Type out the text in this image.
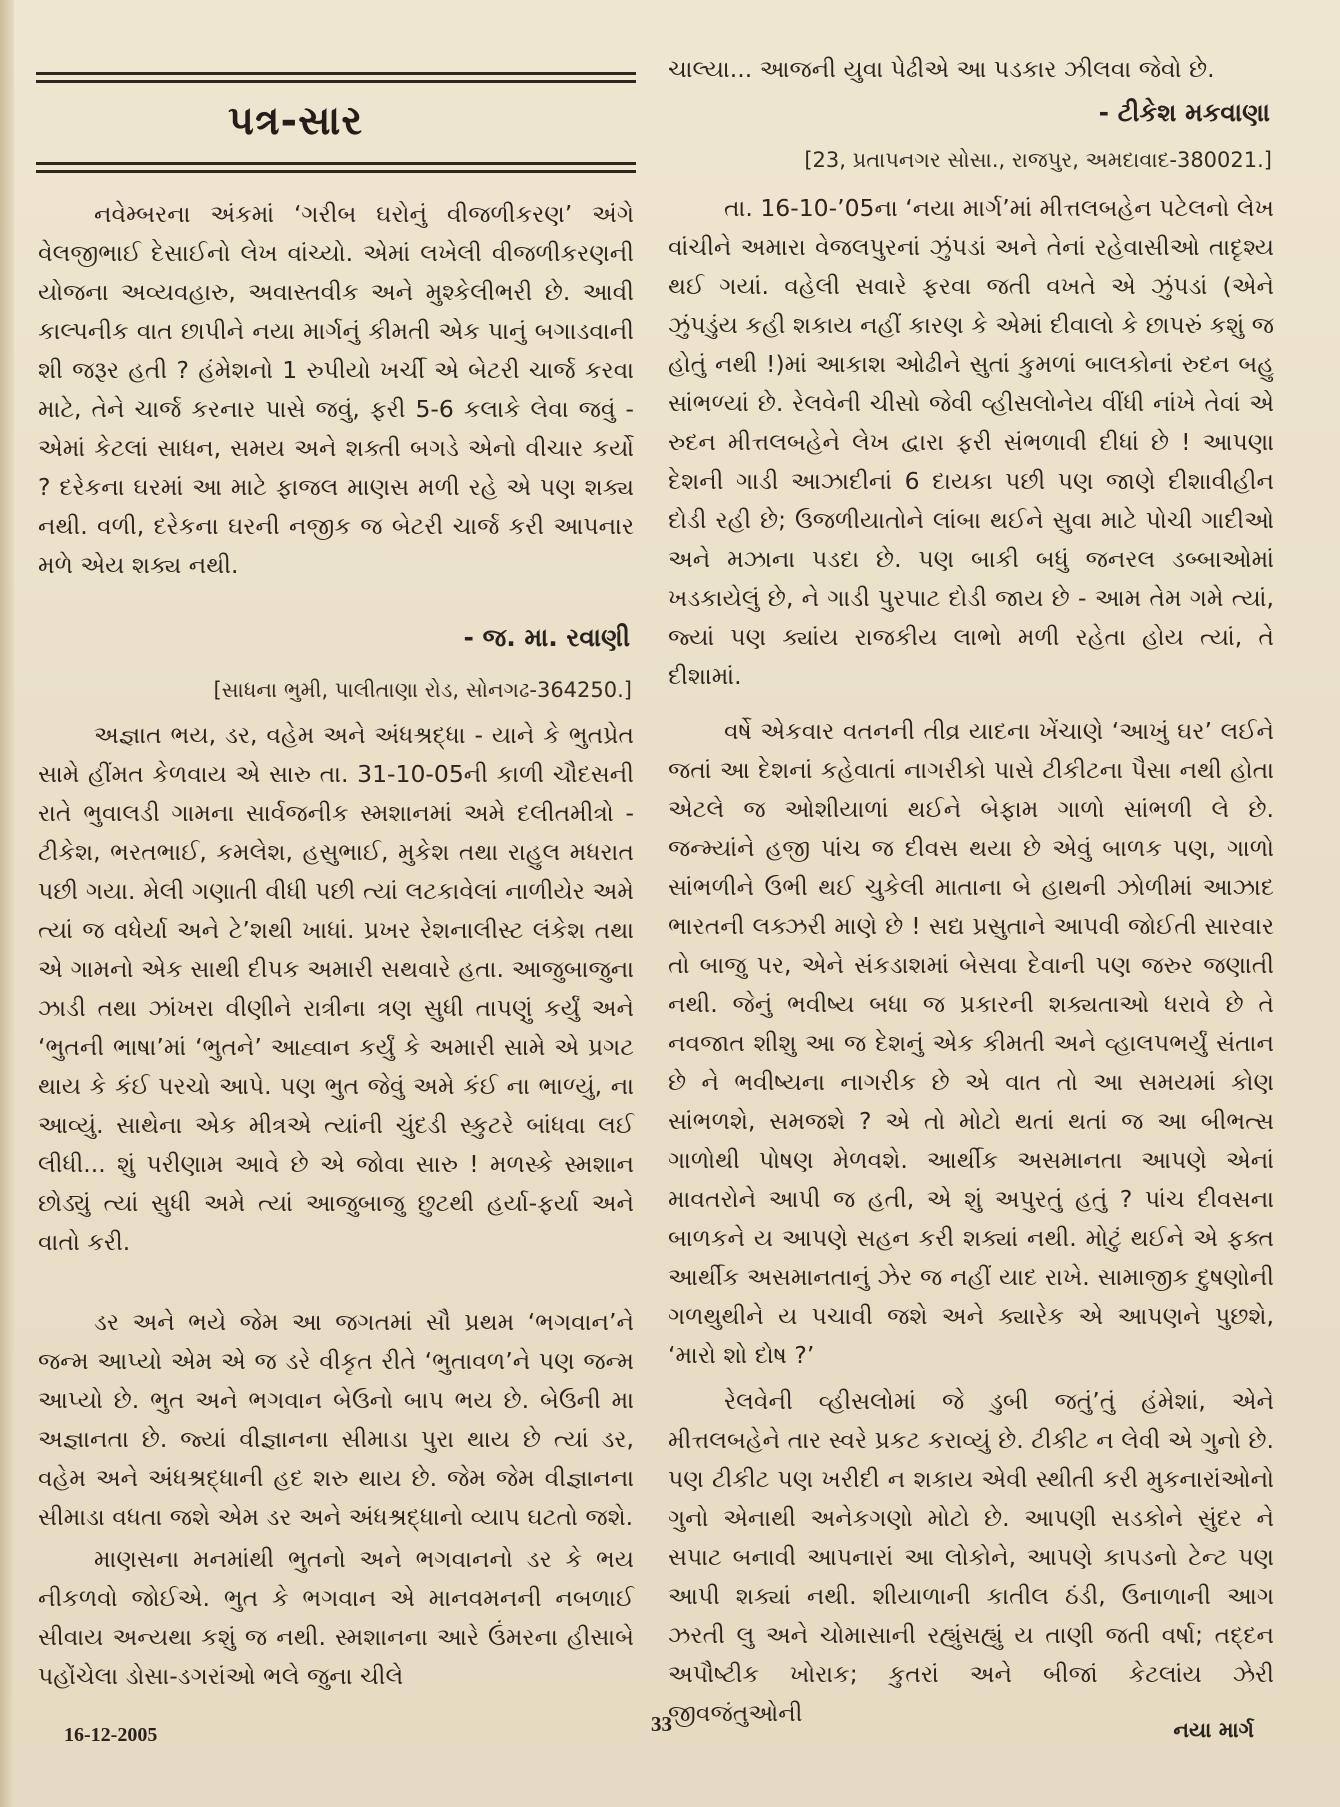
પત્ર-સાર

નવેમ્બરના અંકમાં ‘ગરીબ ઘરોનું વીજળીકરણ’ અંગે વેલજીભાઈ દેસાઈનો લેખ વાંચ્યો. એમાં લખેલી વીજળીકરણની યોજના અવ્યવહારુ, અવાસ્તવીક અને મુશ્કેલીભરી છે. આવી કાલ્પનીક વાત છાપીને નયા માર્ગનું કીમતી એક પાનું બગાડવાની શી જરૂર હતી ? હંમેશનો 1 રુપીયો ખર્ચી એ બેટરી ચાર્જ કરવા માટે, તેને ચાર્જ કરનાર પાસે જવું, ફરી 5-6 કલાકે લેવા જવું - એમાં કેટલાં સાધન, સમય અને શક્તી બગડે એનો વીચાર કર્યો ? દરેકના ઘરમાં આ માટે ફાજલ માણસ મળી રહે એ પણ શક્ય નથી. વળી, દરેકના ઘરની નજીક જ બેટરી ચાર્જ કરી આપનાર મળે એય શક્ય નથી.

- જ. મા. રવાણી
[સાધના ભુમી, પાલીતાણા રોડ, સોનગઢ-364250.]

અજ્ઞાત ભય, ડર, વહેમ અને અંધશ્રદ્ધા - યાને કે ભુતપ્રેત સામે હીંમત કેળવાય એ સારુ તા. 31-10-05ની કાળી ચૌદસની રાતે ભુવાલડી ગામના સાર્વજનીક સ્મશાનમાં અમે દલીતમીત્રો - ટીકેશ, ભરતભાઈ, કમલેશ, હસુભાઈ, મુકેશ તથા રાહુલ મધરાત પછી ગયા. મેલી ગણાતી વીધી પછી ત્યાં લટકાવેલાં નાળીયેર અમે ત્યાં જ વધેર્યા અને ટે’શથી ખાધાં. પ્રખર રેશનાલીસ્ટ લંકેશ તથા એ ગામનો એક સાથી દીપક અમારી સથવારે હતા. આજુબાજુના ઝાડી તથા ઝાંખરા વીણીને રાત્રીના ત્રણ સુધી તાપણું કર્યું અને ‘ભુતની ભાષા’માં ‘ભુતને’ આહ્વાન કર્યું કે અમારી સામે એ પ્રગટ થાય કે કંઈ પરચો આપે. પણ ભુત જેવું અમે કંઈ ના ભાળ્યું, ના આવ્યું. સાથેના એક મીત્રએ ત્યાંની ચુંદડી સ્કુટરે બાંધવા લઈ લીધી... શું પરીણામ આવે છે એ જોવા સારુ ! મળસ્કે સ્મશાન છોડ્યું ત્યાં સુધી અમે ત્યાં આજુબાજુ છુટથી હર્યા-ફર્યા અને વાતો કરી.

ડર અને ભયે જેમ આ જગતમાં સૌ પ્રથમ ‘ભગવાન’ને જન્મ આપ્યો એમ એ જ ડરે વીકૃત રીતે ‘ભુતાવળ’ને પણ જન્મ આપ્યો છે. ભુત અને ભગવાન બેઉનો બાપ ભય છે. બેઉની મા અજ્ઞાનતા છે. જ્યાં વીજ્ઞાનના સીમાડા પુરા થાય છે ત્યાં ડર, વહેમ અને અંધશ્રદ્ધાની હદ શરુ થાય છે. જેમ જેમ વીજ્ઞાનના સીમાડા વધતા જશે એમ ડર અને અંધશ્રદ્ધાનો વ્યાપ ઘટતો જશે.

માણસના મનમાંથી ભુતનો અને ભગવાનનો ડર કે ભય નીકળવો જોઈએ. ભુત કે ભગવાન એ માનવમનની નબળાઈ સીવાય અન્યથા કશું જ નથી. સ્મશાનના આરે ઉંમરના હીસાબે પહોંચેલા ડોસા-ડગરાંઓ ભલે જુના ચીલે

ચાલ્યા... આજની યુવા પેઢીએ આ પડકાર ઝીલવા જેવો છે.

- ટીકેશ મકવાણા
[23, પ્રતાપનગર સોસા., રાજપુર, અમદાવાદ-380021.]

તા. 16-10-’05ના ‘નયા માર્ગ’માં મીત્તલબહેન પટેલનો લેખ વાંચીને અમારા વેજલપુરનાં ઝુંપડાં અને તેનાં રહેવાસીઓ તાદૃશ્ય થઈ ગયાં. વહેલી સવારે ફરવા જતી વખતે એ ઝુંપડાં (એને ઝુંપડુંય કહી શકાય નહીં કારણ કે એમાં દીવાલો કે છાપરું કશું જ હોતું નથી !)માં આકાશ ઓઢીને સુતાં કુમળાં બાલકોનાં રુદન બહુ સાંભળ્યાં છે. રેલવેની ચીસો જેવી વ્હીસલોનેય વીંધી નાંખે તેવાં એ રુદન મીત્તલબહેને લેખ દ્વારા ફરી સંભળાવી દીધાં છે ! આપણા દેશની ગાડી આઝાદીનાં 6 દાયકા પછી પણ જાણે દીશાવીહીન દોડી રહી છે; ઉજળીયાતોને લાંબા થઈને સુવા માટે પોચી ગાદીઓ અને મઝાના પડદા છે. પણ બાકી બધું જનરલ ડબ્બાઓમાં ખડકાયેલું છે, ને ગાડી પુરપાટ દોડી જાય છે - આમ તેમ ગમે ત્યાં, જ્યાં પણ ક્યાંય રાજકીય લાભો મળી રહેતા હોય ત્યાં, તે દીશામાં.

વર્ષે એકવાર વતનની તીવ્ર યાદના ખેંચાણે ‘આખું ઘર’ લઈને જતાં આ દેશનાં કહેવાતાં નાગરીકો પાસે ટીકીટના પૈસા નથી હોતા એટલે જ ઓશીયાળાં થઈને બેફામ ગાળો સાંભળી લે છે. જન્મ્યાંને હજી પાંચ જ દીવસ થયા છે એવું બાળક પણ, ગાળો સાંભળીને ઉભી થઈ ચુકેલી માતાના બે હાથની ઝોળીમાં આઝાદ ભારતની લક્ઝરી માણે છે ! સદ્ય પ્રસુતાને આપવી જોઈતી સારવાર તો બાજુ પર, એને સંકડાશમાં બેસવા દેવાની પણ જરુર જણાતી નથી. જેનું ભવીષ્ય બધા જ પ્રકારની શક્યતાઓ ધરાવે છે તે નવજાત શીશુ આ જ દેશનું એક કીમતી અને વ્હાલપભર્યું સંતાન છે ને ભવીષ્યના નાગરીક છે એ વાત તો આ સમયમાં કોણ સાંભળશે, સમજશે ? એ તો મોટો થતાં થતાં જ આ બીભત્સ ગાળોથી પોષણ મેળવશે. આર્થીક અસમાનતા આપણે એનાં માવતરોને આપી જ હતી, એ શું અપુરતું હતું ? પાંચ દીવસના બાળકને ય આપણે સહન કરી શક્યાં નથી. મોટું થઈને એ ફક્ત આર્થીક અસમાનતાનું ઝેર જ નહીં યાદ રાખે. સામાજીક દુષણોની ગળથુથીને ય પચાવી જશે અને ક્યારેક એ આપણને પુછશે, ‘મારો શો દોષ ?’

રેલવેની વ્હીસલોમાં જે ડુબી જતું’તું હંમેશાં, એને મીત્તલબહેને તાર સ્વરે પ્રકટ કરાવ્યું છે. ટીકીટ ન લેવી એ ગુનો છે. પણ ટીકીટ પણ ખરીદી ન શકાય એવી સ્થીતી કરી મુકનારાંઓનો ગુનો એનાથી અનેકગણો મોટો છે. આપણી સડકોને સુંદર ને સપાટ બનાવી આપનારાં આ લોકોને, આપણે કાપડનો ટેન્ટ પણ આપી શક્યાં નથી. શીયાળાની કાતીલ ઠંડી, ઉનાળાની આગ ઝરતી લુ અને ચોમાસાની રહ્યુંસહ્યું ય તાણી જતી વર્ષા; તદ્દન અપૌષ્ટીક ખોરાક; કુતરાં અને બીજાં કેટલાંય ઝેરી જીવજંતુઓની

16-12-2005	33	નયા માર્ગ
